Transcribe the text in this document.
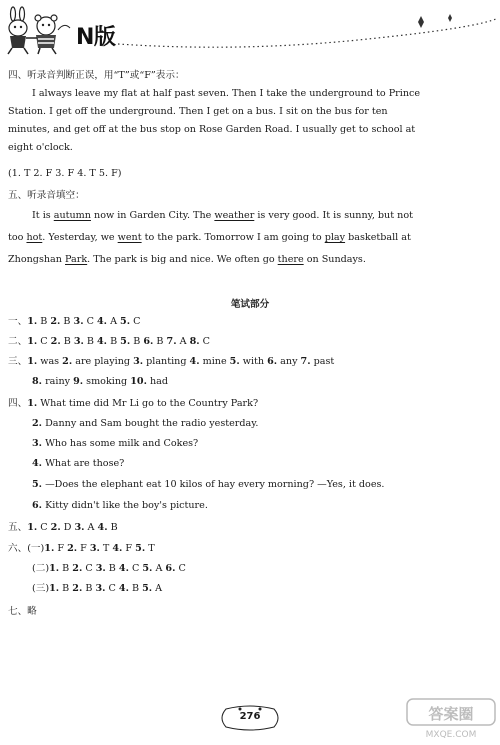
N版
四、听录音判断正误，用“T”或“F”表示：
I always leave my flat at half past seven. Then I take the underground to Prince
Station. I get off the underground. Then I get on a bus. I sit on the bus for ten
minutes, and get off at the bus stop on Rose Garden Road. I usually get to school at
eight o'clock.
(1. T 2. F 3. F 4. T 5. F)
五、听录音填空：
It is autumn now in Garden City. The weather is very good. It is sunny, but not
too hot. Yesterday, we went to the park. Tomorrow I am going to play basketball at
Zhongshan Park. The park is big and nice. We often go there on Sundays.
笔试部分
一、1. B 2. B 3. C 4. A 5. C
二、1. C 2. B 3. B 4. B 5. B 6. B 7. A 8. C
三、1. was 2. are playing 3. planting 4. mine 5. with 6. any 7. past
8. rainy 9. smoking 10. had
四、1. What time did Mr Li go to the Country Park?
2. Danny and Sam bought the radio yesterday.
3. Who has some milk and Cokes?
4. What are those?
5. —Does the elephant eat 10 kilos of hay every morning? —Yes, it does.
6. Kitty didn't like the boy's picture.
五、1. C 2. D 3. A 4. B
六、(一)1. F 2. F 3. T 4. F 5. T
(二)1. B 2. C 3. B 4. C 5. A 6. C
(三)1. B 2. B 3. C 4. B 5. A
七、略
276	答案圈
MXQE.COM
